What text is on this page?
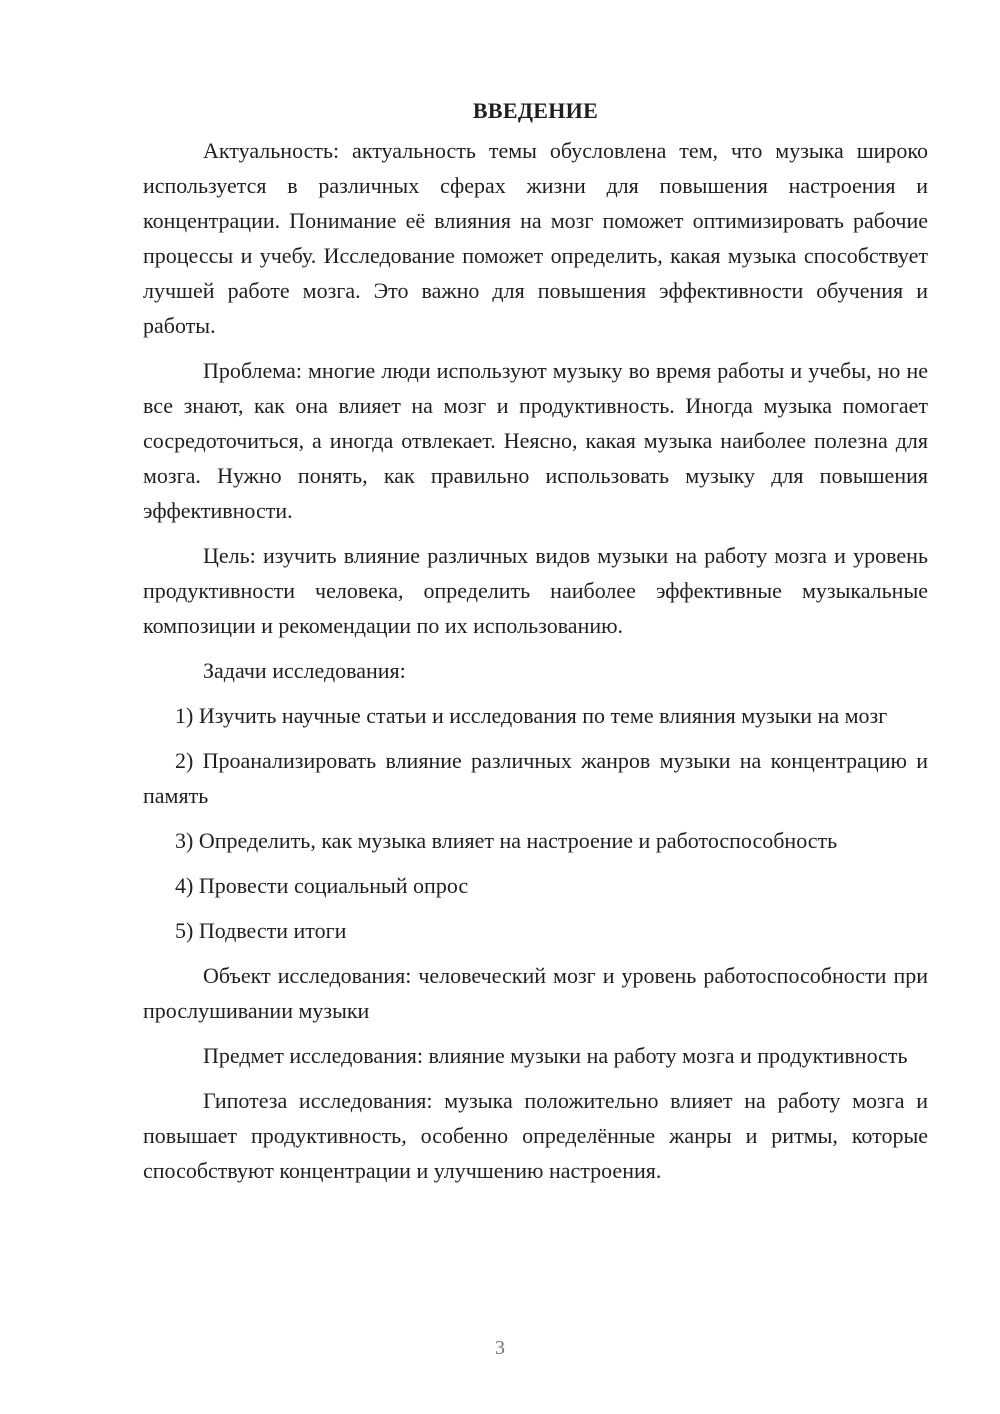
ВВЕДЕНИЕ

Актуальность: актуальность темы обусловлена тем, что музыка широко используется в различных сферах жизни для повышения настроения и концентрации. Понимание её влияния на мозг поможет оптимизировать рабочие процессы и учебу. Исследование поможет определить, какая музыка способствует лучшей работе мозга. Это важно для повышения эффективности обучения и работы.

Проблема: многие люди используют музыку во время работы и учебы, но не все знают, как она влияет на мозг и продуктивность. Иногда музыка помогает сосредоточиться, а иногда отвлекает. Неясно, какая музыка наиболее полезна для мозга. Нужно понять, как правильно использовать музыку для повышения эффективности.

Цель: изучить влияние различных видов музыки на работу мозга и уровень продуктивности человека, определить наиболее эффективные музыкальные композиции и рекомендации по их использованию.

Задачи исследования:

1) Изучить научные статьи и исследования по теме влияния музыки на мозг

2) Проанализировать влияние различных жанров музыки на концентрацию и память

3) Определить, как музыка влияет на настроение и работоспособность

4) Провести социальный опрос

5) Подвести итоги

Объект исследования: человеческий мозг и уровень работоспособности при прослушивании музыки

Предмет исследования: влияние музыки на работу мозга и продуктивность

Гипотеза исследования: музыка положительно влияет на работу мозга и повышает продуктивность, особенно определённые жанры и ритмы, которые способствуют концентрации и улучшению настроения.

3
